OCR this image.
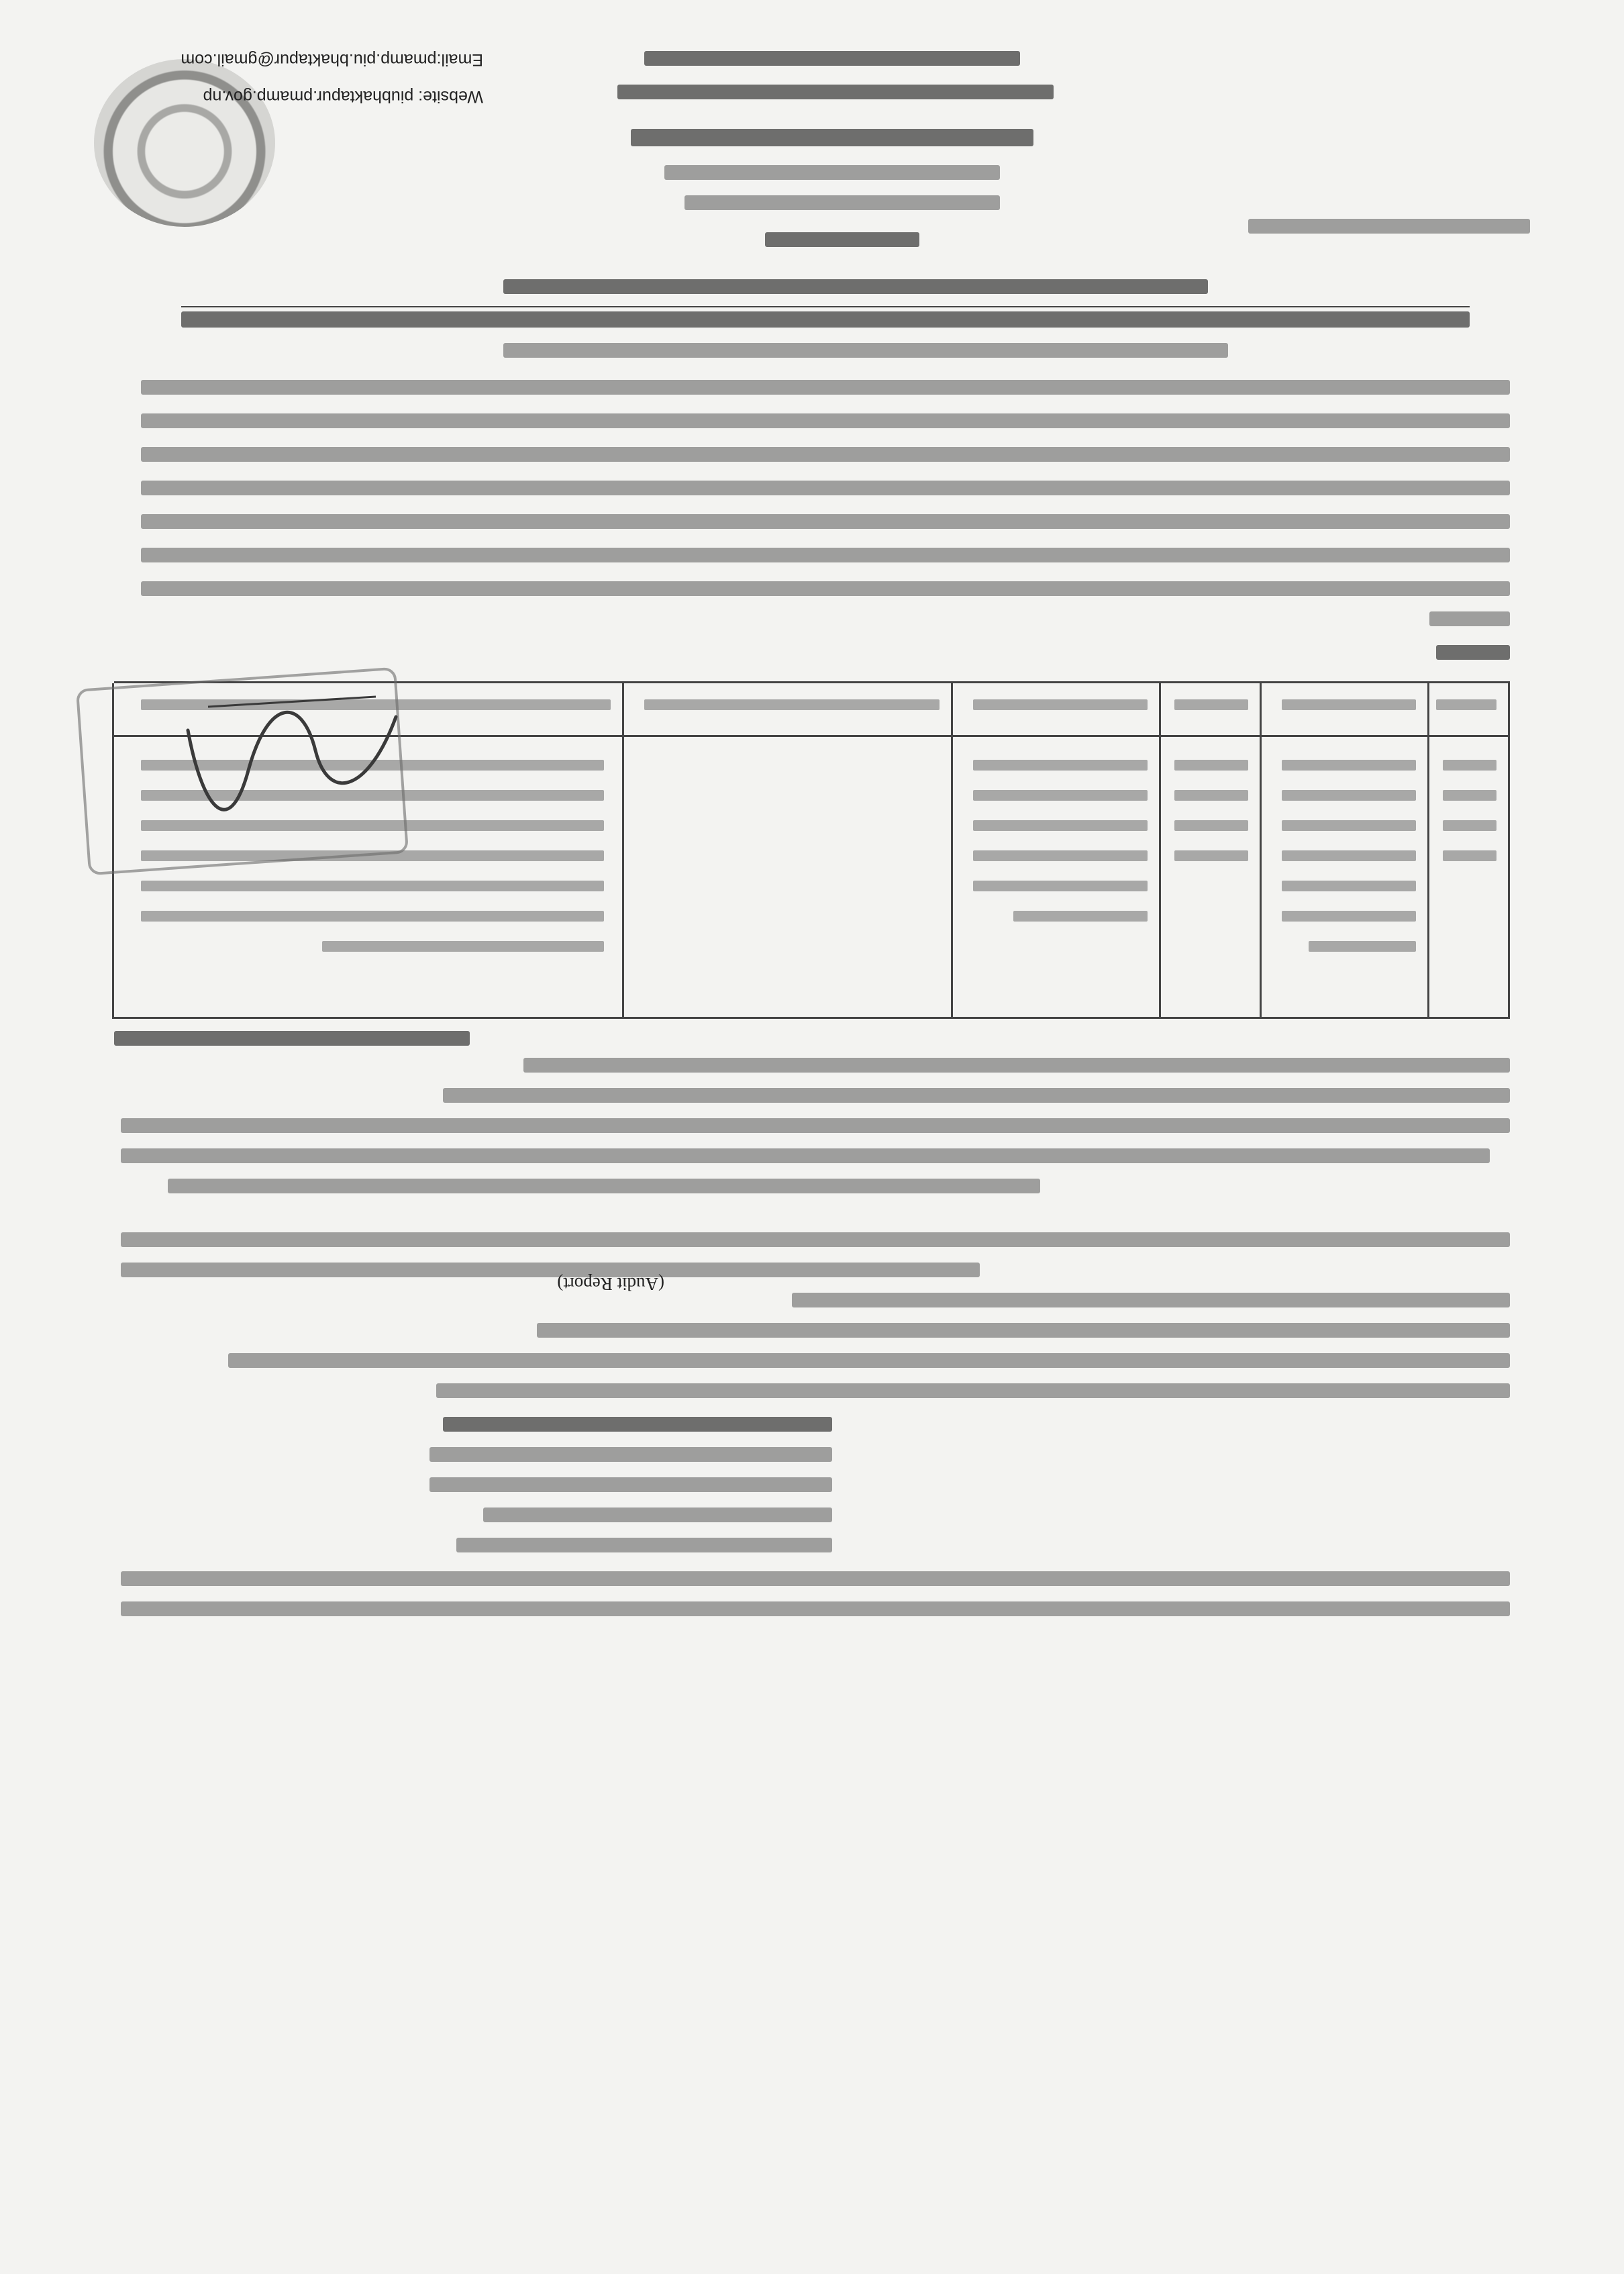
Email:pmamp.piu.bhaktapur@gmail.com
Website: piubhaktapur.pmamp.gov.np
(Audit Report)
